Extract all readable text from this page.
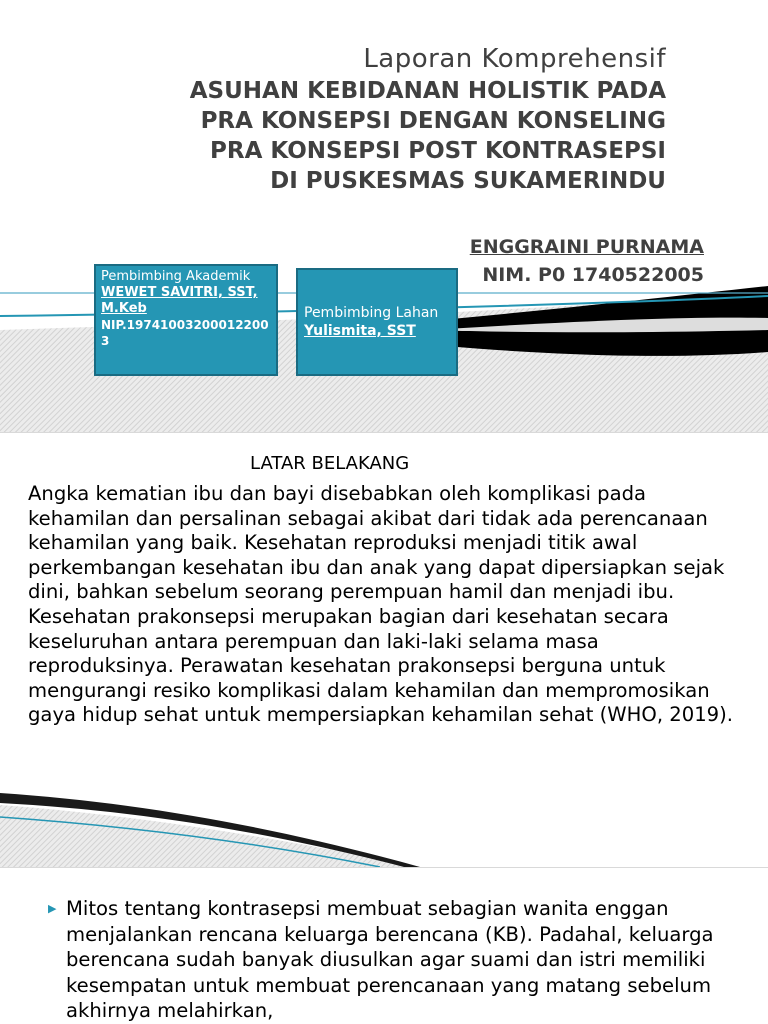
Laporan Komprehensif
ASUHAN KEBIDANAN HOLISTIK PADA
PRA KONSEPSI DENGAN KONSELING
PRA KONSEPSI POST KONTRASEPSI
DI PUSKESMAS SUKAMERINDU
ENGGRAINI PURNAMA
NIM. P0 1740522005
Pembimbing Akademik
WEWET SAVITRI, SST, M.Keb
NIP.197410032000122003
Pembimbing Lahan
Yulismita, SST
LATAR BELAKANG

Angka kematian ibu dan bayi disebabkan oleh komplikasi pada kehamilan dan persalinan sebagai akibat dari tidak ada perencanaan kehamilan yang baik. Kesehatan reproduksi menjadi titik awal perkembangan kesehatan ibu dan anak yang dapat dipersiapkan sejak dini, bahkan sebelum seorang perempuan hamil dan menjadi ibu. Kesehatan prakonsepsi merupakan bagian dari kesehatan secara keseluruhan antara perempuan dan laki-laki selama masa reproduksinya. Perawatan kesehatan prakonsepsi berguna untuk mengurangi resiko komplikasi dalam kehamilan dan mempromosikan gaya hidup sehat untuk mempersiapkan kehamilan sehat (WHO, 2019).

▶ Mitos tentang kontrasepsi membuat sebagian wanita enggan menjalankan rencana keluarga berencana (KB). Padahal, keluarga berencana sudah banyak diusulkan agar suami dan istri memiliki kesempatan untuk membuat perencanaan yang matang sebelum akhirnya melahirkan,
